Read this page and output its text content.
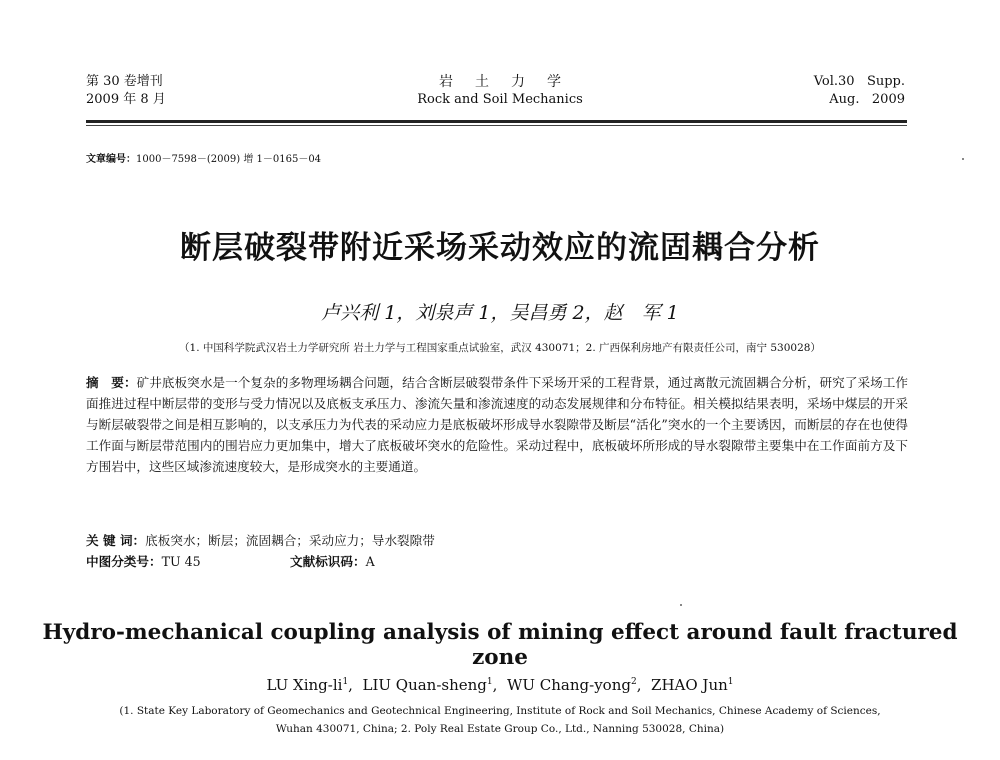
第 30 卷增刊
2009 年 8 月
岩土力学
Rock and Soil Mechanics
Vol.30   Supp.
Aug.   2009
文章编号：1000－7598－(2009) 增 1－0165－04
断层破裂带附近采场采动效应的流固耦合分析
卢兴利 1，刘泉声 1，吴昌勇 2，赵　军 1
（1. 中国科学院武汉岩土力学研究所 岩土力学与工程国家重点试验室，武汉 430071；2. 广西保利房地产有限责任公司，南宁 530028）
摘　要：矿井底板突水是一个复杂的多物理场耦合问题，结合含断层破裂带条件下采场开采的工程背景，通过离散元流固耦合分析，研究了采场工作面推进过程中断层带的变形与受力情况以及底板支承压力、渗流矢量和渗流速度的动态发展规律和分布特征。相关模拟结果表明，采场中煤层的开采与断层破裂带之间是相互影响的，以支承压力为代表的采动应力是底板破坏形成导水裂隙带及断层“活化”突水的一个主要诱因，而断层的存在也使得工作面与断层带范围内的围岩应力更加集中，增大了底板破坏突水的危险性。采动过程中，底板破坏所形成的导水裂隙带主要集中在工作面前方及下方围岩中，这些区域渗流速度较大，是形成突水的主要通道。
关 键 词：底板突水；断层；流固耦合；采动应力；导水裂隙带
中图分类号：TU 45	文献标识码：A
Hydro-mechanical coupling analysis of mining effect around fault fractured zone
LU Xing-$li^1$,  LIU Quan-sheng$^1$,  WU Chang-yong$^2$,  ZHAO Jun$^1$
(1. State Key Laboratory of Geomechanics and Geotechnical Engineering, Institute of Rock and Soil Mechanics, Chinese Academy of Sciences,
Wuhan 430071, China; 2. Poly Real Estate Group Co., Ltd., Nanning 530028, China)
